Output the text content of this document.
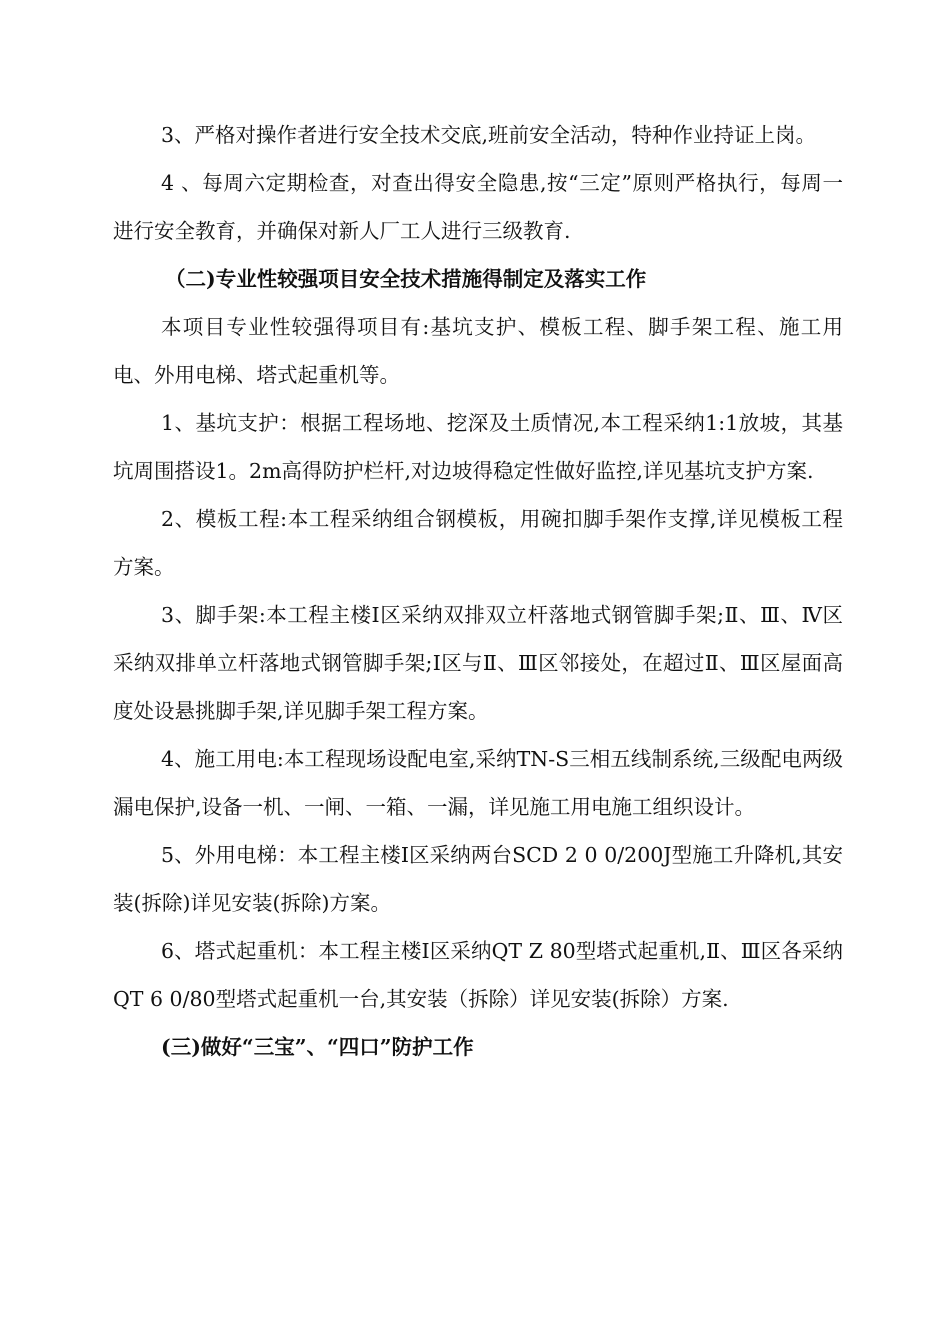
3、严格对操作者进行安全技术交底,班前安全活动，特种作业持证上岗。

4 、每周六定期检查，对查出得安全隐患,按“三定”原则严格执行，每周一进行安全教育，并确保对新人厂工人进行三级教育.

（二)专业性较强项目安全技术措施得制定及落实工作

本项目专业性较强得项目有:基坑支护、模板工程、脚手架工程、施工用电、外用电梯、塔式起重机等。

1、基坑支护：根据工程场地、挖深及土质情况,本工程采纳1:1放坡，其基坑周围搭设1。2m高得防护栏杆,对边坡得稳定性做好监控,详见基坑支护方案.

2、模板工程:本工程采纳组合钢模板，用碗扣脚手架作支撑,详见模板工程方案。

3、脚手架:本工程主楼Ⅰ区采纳双排双立杆落地式钢管脚手架;Ⅱ、Ⅲ、Ⅳ区采纳双排单立杆落地式钢管脚手架;Ⅰ区与Ⅱ、Ⅲ区邻接处，在超过Ⅱ、Ⅲ区屋面高度处设悬挑脚手架,详见脚手架工程方案。

4、施工用电:本工程现场设配电室,采纳TN-S三相五线制系统,三级配电两级漏电保护,设备一机、一闸、一箱、一漏，详见施工用电施工组织设计。

5、外用电梯：本工程主楼Ⅰ区采纳两台SCD 2 0 0/200J型施工升降机,其安装(拆除)详见安装(拆除)方案。

6、塔式起重机：本工程主楼Ⅰ区采纳QT Z 80型塔式起重机,Ⅱ、Ⅲ区各采纳QT 6 0/80型塔式起重机一台,其安装（拆除）详见安装(拆除）方案.

(三)做好“三宝”、“四口”防护工作
